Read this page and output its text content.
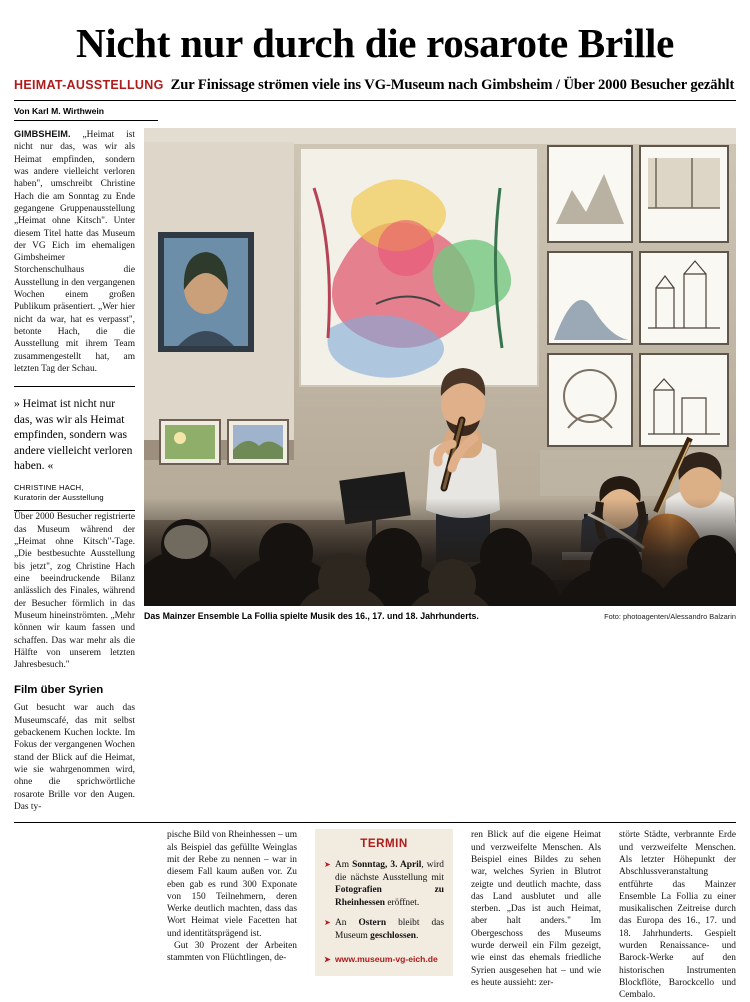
Nicht nur durch die rosarote Brille
HEIMAT-AUSSTELLUNG Zur Finissage strömen viele ins VG-Museum nach Gimbsheim / Über 2000 Besucher gezählt
Von Karl M. Wirthwein

GIMBSHEIM. „Heimat ist nicht nur das, was wir als Heimat empfinden, sondern was andere vielleicht verloren haben", umschreibt Christine Hach die am Sonntag zu Ende gegangene Gruppenausstellung „Heimat ohne Kitsch". Unter diesem Titel hatte das Museum der VG Eich im ehemaligen Gimbsheimer Storchenschulhaus die Ausstellung in den vergangenen Wochen einem großen Publikum präsentiert. „Wer hier nicht da war, hat es verpasst", betonte Hach, die die Ausstellung mit ihrem Team zusammengestellt hat, am letzten Tag der Schau.

» Heimat ist nicht nur das, was wir als Heimat empfinden, sondern was andere vielleicht verloren haben. «
CHRISTINE HACH,
Kuratorin der Ausstellung

Über 2000 Besucher registrierte das Museum während der „Heimat ohne Kitsch"-Tage. „Die bestbesuchte Ausstellung bis jetzt", zog Christine Hach eine beeindruckende Bilanz anlässlich des Finales, während der Besucher förmlich in das Museum hineinströmten. „Mehr können wir kaum fassen und schaffen. Das war mehr als die Hälfte von unserem letzten Jahresbesuch."

Film über Syrien

Gut besucht war auch das Museumscafé, das mit selbst gebackenem Kuchen lockte. Im Fokus der vergangenen Wochen stand der Blick auf die Heimat, wie sie wahrgenommen wird, ohne die sprichwörtliche rosarote Brille vor den Augen. Das ty-

Das Mainzer Ensemble La Follia spielte Musik des 16., 17. und 18. Jahrhunderts.	Foto: photoagenten/Alessandro Balzarin

pische Bild von Rheinhessen – um als Beispiel das gefüllte Weinglas mit der Rebe zu nennen – war in diesem Fall kaum außen vor. Zu eben gab es rund 300 Exponate von 150 Teilnehmern, deren Werke deutlich machten, dass das Wort Heimat viele Facetten hat und identitätsprägend ist.

Gut 30 Prozent der Arbeiten stammten von Flüchtlingen, de-

TERMIN
➤ Am Sonntag, 3. April, wird die nächste Ausstellung mit Fotografien zu Rheinhessen eröffnet.
➤ An Ostern bleibt das Museum geschlossen.
➤ www.museum-vg-eich.de

ren Blick auf die eigene Heimat und verzweifelte Menschen. Als Beispiel eines Bildes zu sehen war, welches Syrien in Blutrot zeigte und deutlich machte, dass das Land ausblutet und alle sterben. „Das ist auch Heimat, aber halt anders." Im Obergeschoss des Museums wurde derweil ein Film gezeigt, wie einst das ehemals friedliche Syrien ausgesehen hat – und wie es heute aussieht: zer-

störte Städte, verbrannte Erde und verzweifelte Menschen. Als letzter Höhepunkt der Abschlussveranstaltung entführte das Mainzer Ensemble La Follia zu einer musikalischen Zeitreise durch das Europa des 16., 17. und 18. Jahrhunderts. Gespielt wurden Renaissance- und Barock-Werke auf den historischen Instrumenten Blockflöte, Barockcello und Cembalo.
